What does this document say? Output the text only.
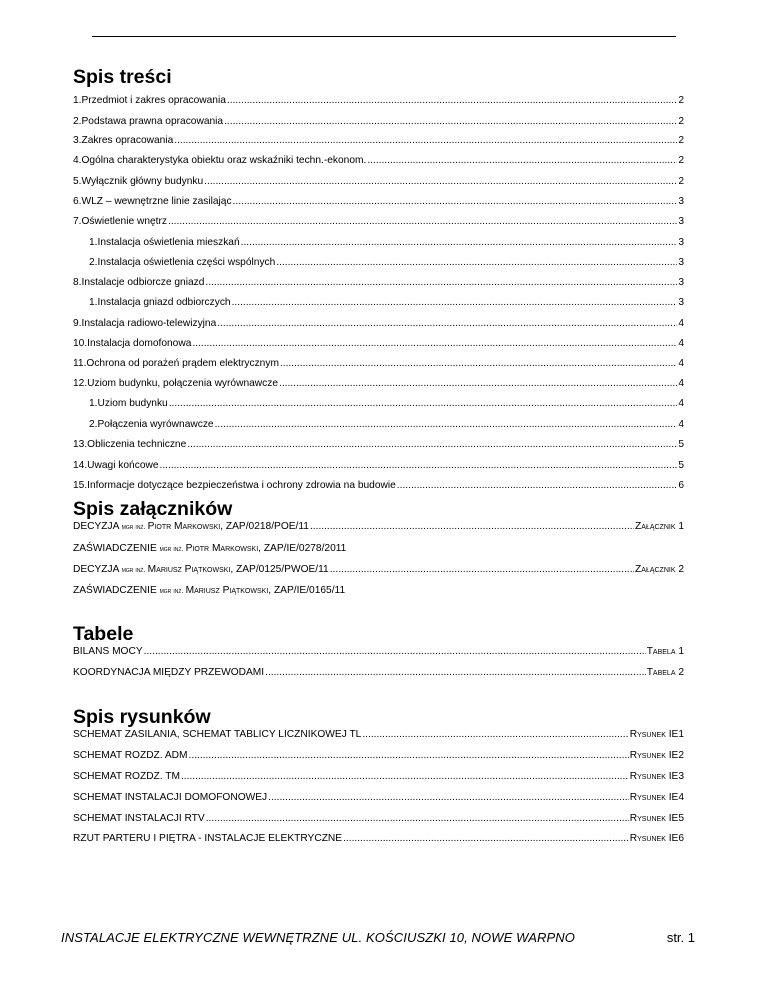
Spis treści
1.Przedmiot i zakres opracowania .....	2
2.Podstawa prawna opracowania .....	2
3.Zakres opracowania .....	2
4.Ogólna charakterystyka obiektu oraz wskaźniki techn.-ekonom. .....	2
5.Wyłącznik główny budynku .....	2
6.WLZ – wewnętrzne linie zasilając .....	3
7.Oświetlenie wnętrz .....	3
1.Instalacja oświetlenia mieszkań .....	3
2.Instalacja oświetlenia części wspólnych .....	3
8.Instalacje odbiorcze gniazd .....	3
1.Instalacja gniazd odbiorczych .....	3
9.Instalacja radiowo-telewizyjna .....	4
10.Instalacja domofonowa .....	4
11.Ochrona od porażeń prądem elektrycznym .....	4
12.Uziom budynku, połączenia wyrównawcze .....	4
1.Uziom budynku .....	4
2.Połączenia wyrównawcze .....	4
13.Obliczenia techniczne .....	5
14.Uwagi końcowe .....	5
15.Informacje dotyczące bezpieczeństwa i ochrony zdrowia na budowie .....	6
Spis załączników
DECYZJA mgr inż. Piotr Markowski, ZAP/0218/POE/11 .....	Załącznik 1
ZAŚWIADCZENIE mgr inż. Piotr Markowski, ZAP/IE/0278/2011
DECYZJA mgr inż. Mariusz Piątkowski, ZAP/0125/PWOE/11 .....	Załącznik 2
ZAŚWIADCZENIE mgr inż. Mariusz Piątkowski, ZAP/IE/0165/11
Tabele
BILANS MOCY .....	Tabela 1
KOORDYNACJA MIĘDZY PRZEWODAMI .....	Tabela 2
Spis rysunków
SCHEMAT ZASILANIA, SCHEMAT TABLICY LICZNIKOWEJ TL .....	Rysunek IE1
SCHEMAT ROZDZ. ADM .....	Rysunek IE2
SCHEMAT ROZDZ. TM .....	Rysunek IE3
SCHEMAT INSTALACJI DOMOFONOWEJ .....	Rysunek IE4
SCHEMAT INSTALACJI RTV .....	Rysunek IE5
RZUT PARTERU I PIĘTRA - INSTALACJE ELEKTRYCZNE .....	Rysunek IE6
INSTALACJE ELEKTRYCZNE WEWNĘTRZNE UL. KOŚCIUSZKI 10, NOWE WARPNO	str. 1
